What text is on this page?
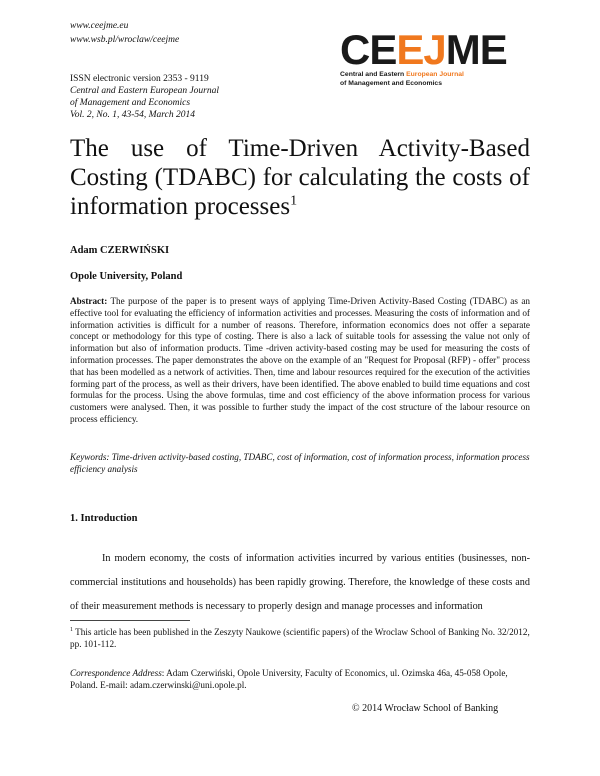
www.ceejme.eu
www.wsb.pl/wroclaw/ceejme	C E E J M E
Central and Eastern European Journal
of Management and Economics
ISSN electronic version 2353 - 9119
Central and Eastern European Journal
of Management and Economics
Vol. 2, No. 1, 43-54, March 2014
The use of Time-Driven Activity-Based Costing (TDABC) for calculating the costs of information processes$^1$
Adam CZERWIŃSKI
Opole University, Poland
Abstract: The purpose of the paper is to present ways of applying Time-Driven Activity-Based Costing (TDABC) as an effective tool for evaluating the efficiency of information activities and processes. Measuring the costs of information and of information activities is difficult for a number of reasons. Therefore, information economics does not offer a separate concept or methodology for this type of costing. There is also a lack of suitable tools for assessing the value not only of information but also of information products. Time -driven activity-based costing may be used for measuring the costs of information processes. The paper demonstrates the above on the example of an "Request for Proposal (RFP) - offer" process that has been modelled as a network of activities. Then, time and labour resources required for the execution of the activities forming part of the process, as well as their drivers, have been identified. The above enabled to build time equations and cost formulas for the process. Using the above formulas, time and cost efficiency of the above information process for various customers were analysed. Then, it was possible to further study the impact of the cost structure of the labour resource on process efficiency.
Keywords: Time-driven activity-based costing, TDABC, cost of information, cost of information process, information process efficiency analysis
1. Introduction
In modern economy, the costs of information activities incurred by various entities (businesses, non-commercial institutions and households) has been rapidly growing. Therefore, the knowledge of these costs and of their measurement methods is necessary to properly design and manage processes and information
$^1$ This article has been published in the Zeszyty Naukowe (scientific papers) of the Wroclaw School of Banking No. 32/2012, pp. 101-112.
Correspondence Address: Adam Czerwiński, Opole University, Faculty of Economics, ul. Ozimska 46a, 45-058 Opole, Poland. E-mail: adam.czerwinski@uni.opole.pl.
© 2014 Wrocław School of Banking
